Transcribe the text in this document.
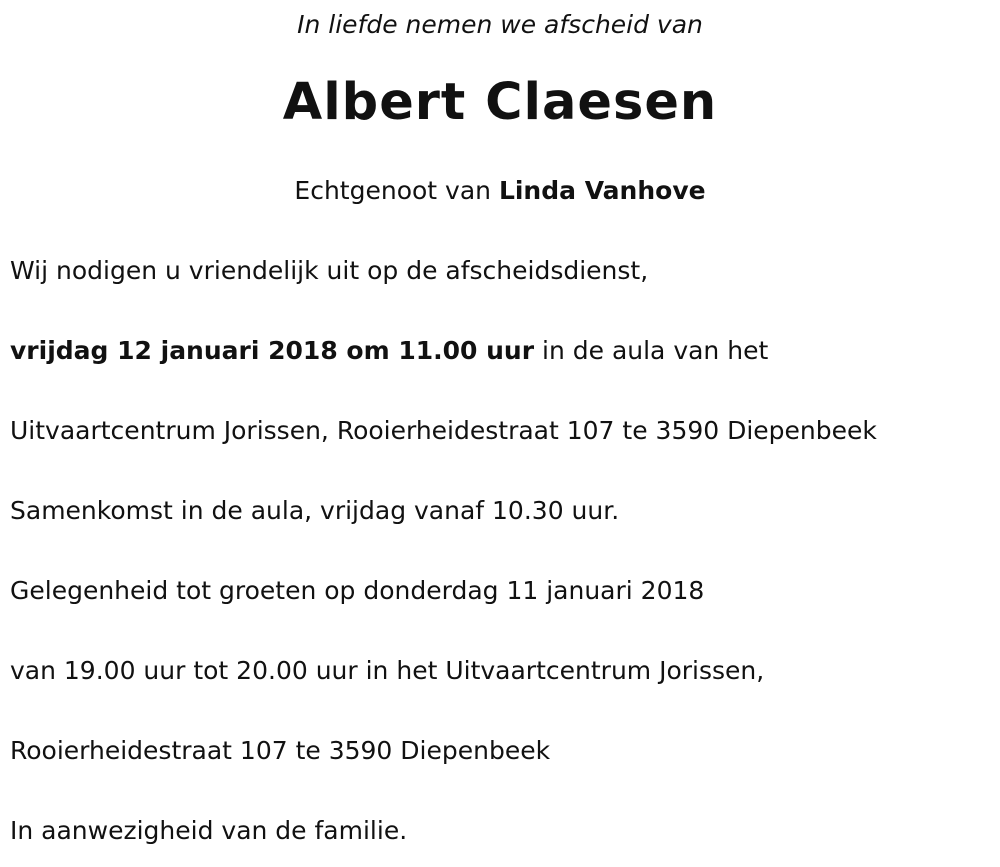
In liefde nemen we afscheid van
Albert Claesen
Echtgenoot van Linda Vanhove
Wij nodigen u vriendelijk uit op de afscheidsdienst,
vrijdag 12 januari 2018 om 11.00 uur in de aula van het
Uitvaartcentrum Jorissen, Rooierheidestraat 107 te 3590 Diepenbeek
Samenkomst in de aula, vrijdag vanaf 10.30 uur.
Gelegenheid tot groeten op donderdag 11 januari 2018
van 19.00 uur tot 20.00 uur in het Uitvaartcentrum Jorissen,
Rooierheidestraat 107 te 3590 Diepenbeek
In aanwezigheid van de familie.
